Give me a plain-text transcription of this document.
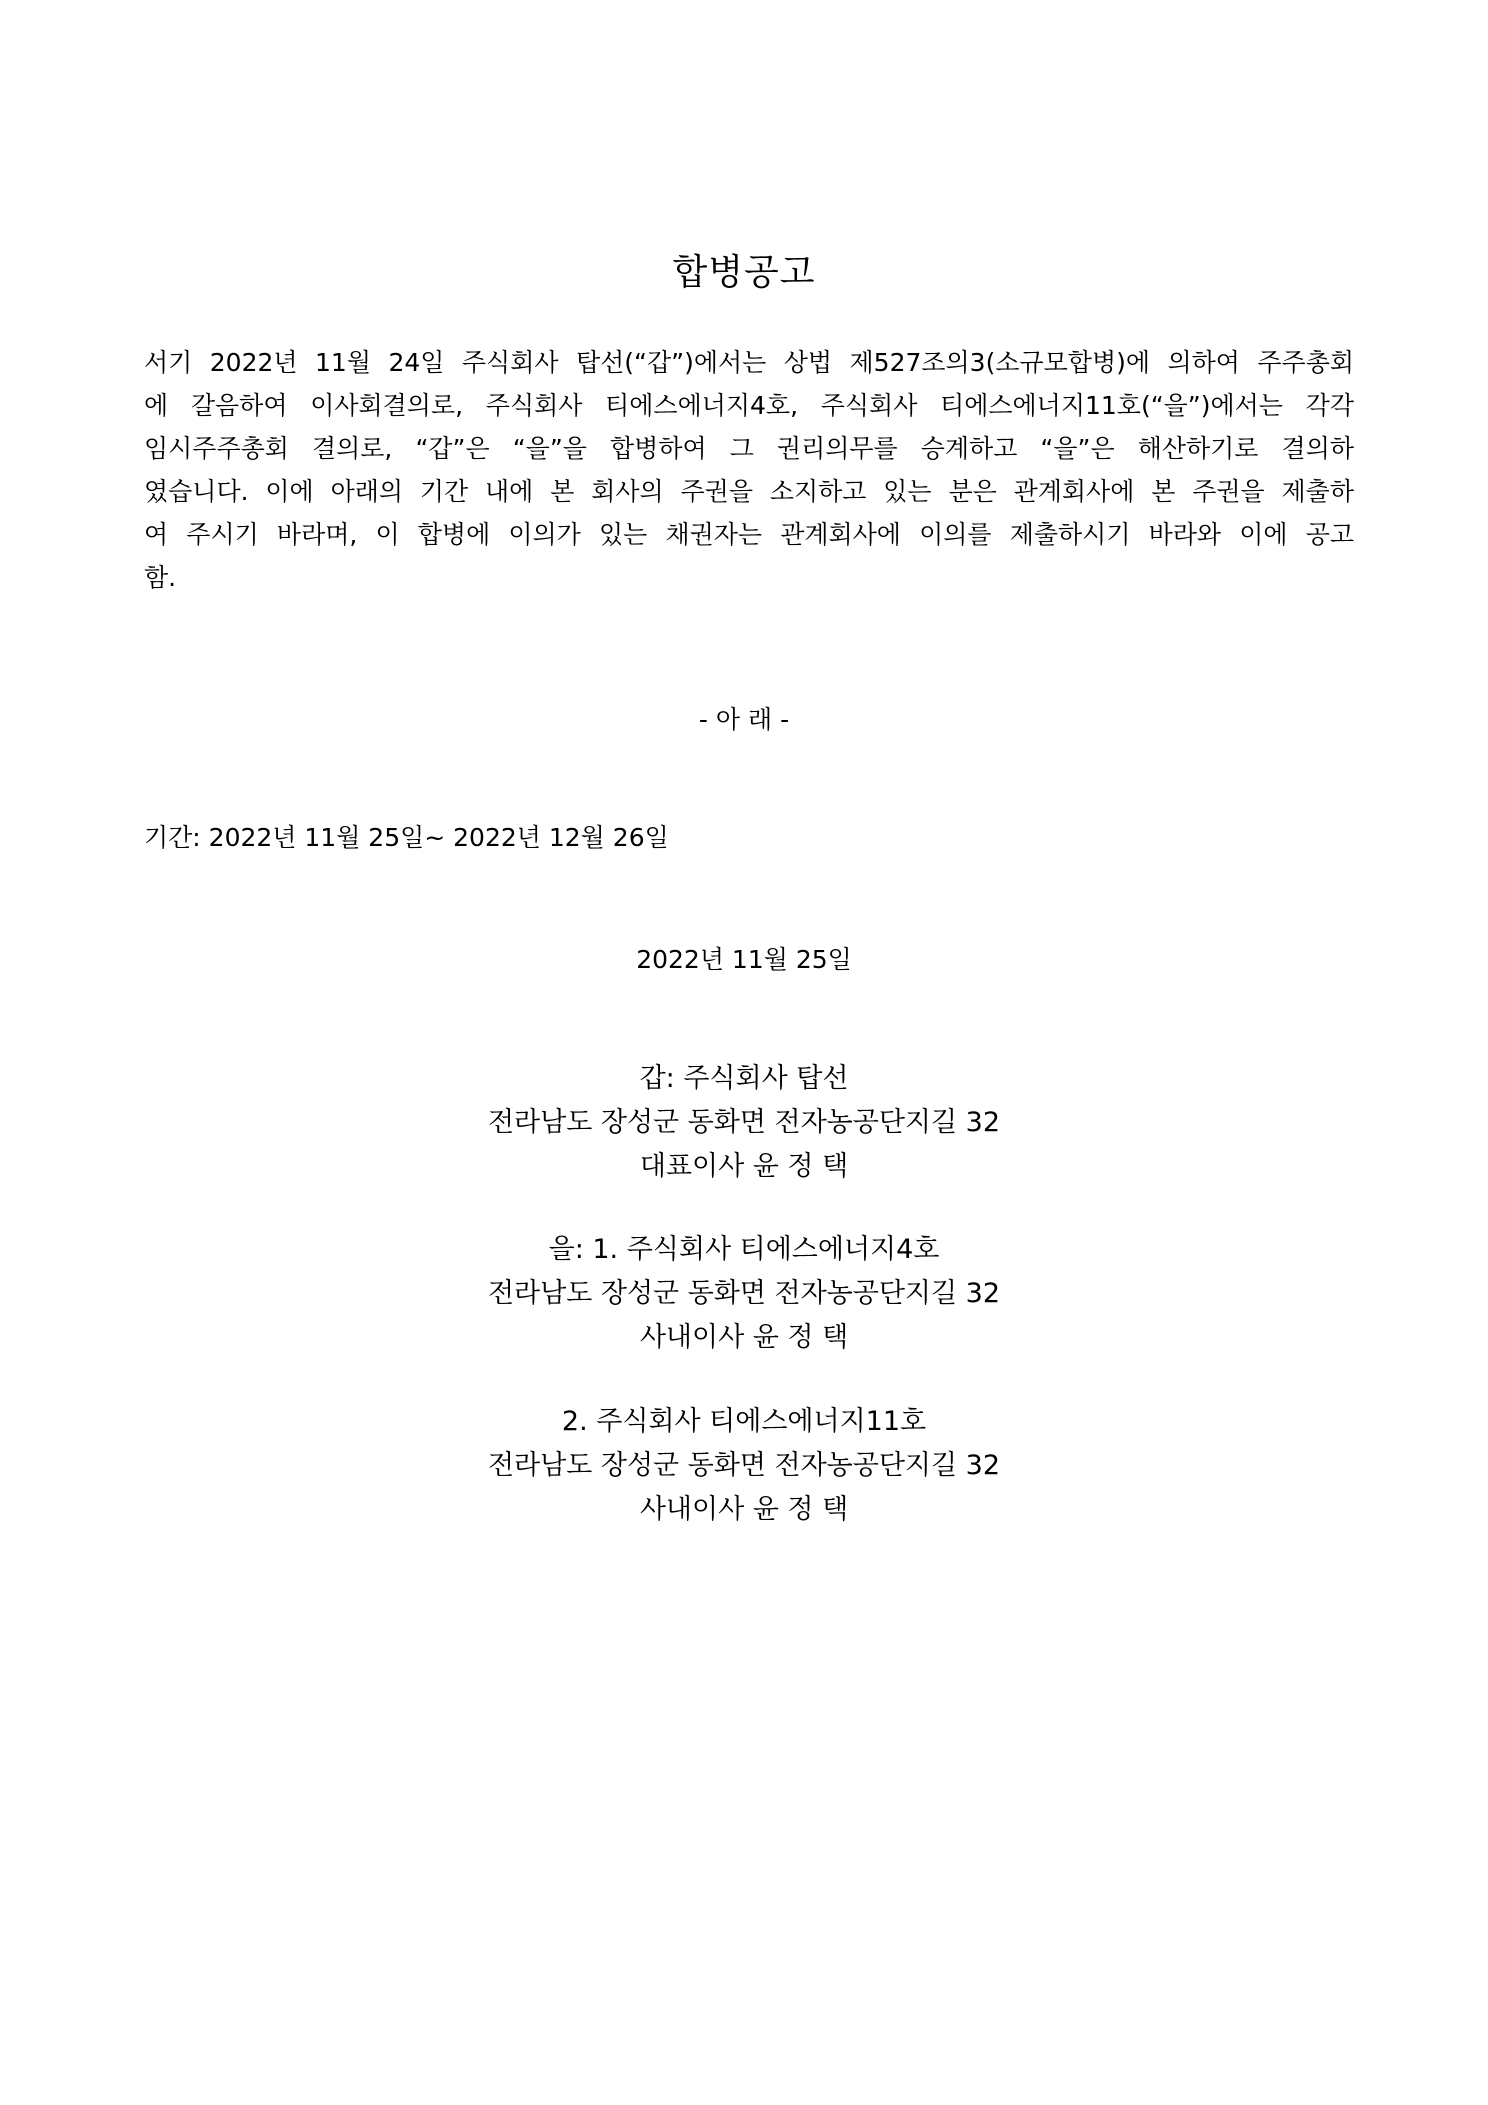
합병공고
서기 2022년 11월 24일 주식회사 탑선(“갑”)에서는 상법 제527조의3(소규모합병)에 의하여 주주총회
에 갈음하여 이사회결의로, 주식회사 티에스에너지4호, 주식회사 티에스에너지11호(“을”)에서는 각각
임시주주총회 결의로, “갑”은 “을”을 합병하여 그 권리의무를 승계하고 “을”은 해산하기로 결의하
였습니다. 이에 아래의 기간 내에 본 회사의 주권을 소지하고 있는 분은 관계회사에 본 주권을 제출하
여 주시기 바라며, 이 합병에 이의가 있는 채권자는 관계회사에 이의를 제출하시기 바라와 이에 공고
함.
- 아 래 -
기간: 2022년 11월 25일~ 2022년 12월 26일
2022년 11월 25일
갑: 주식회사 탑선
전라남도 장성군 동화면 전자농공단지길 32
대표이사 윤 정 택
을: 1. 주식회사 티에스에너지4호
전라남도 장성군 동화면 전자농공단지길 32
사내이사 윤 정 택
2. 주식회사 티에스에너지11호
전라남도 장성군 동화면 전자농공단지길 32
사내이사 윤 정 택
